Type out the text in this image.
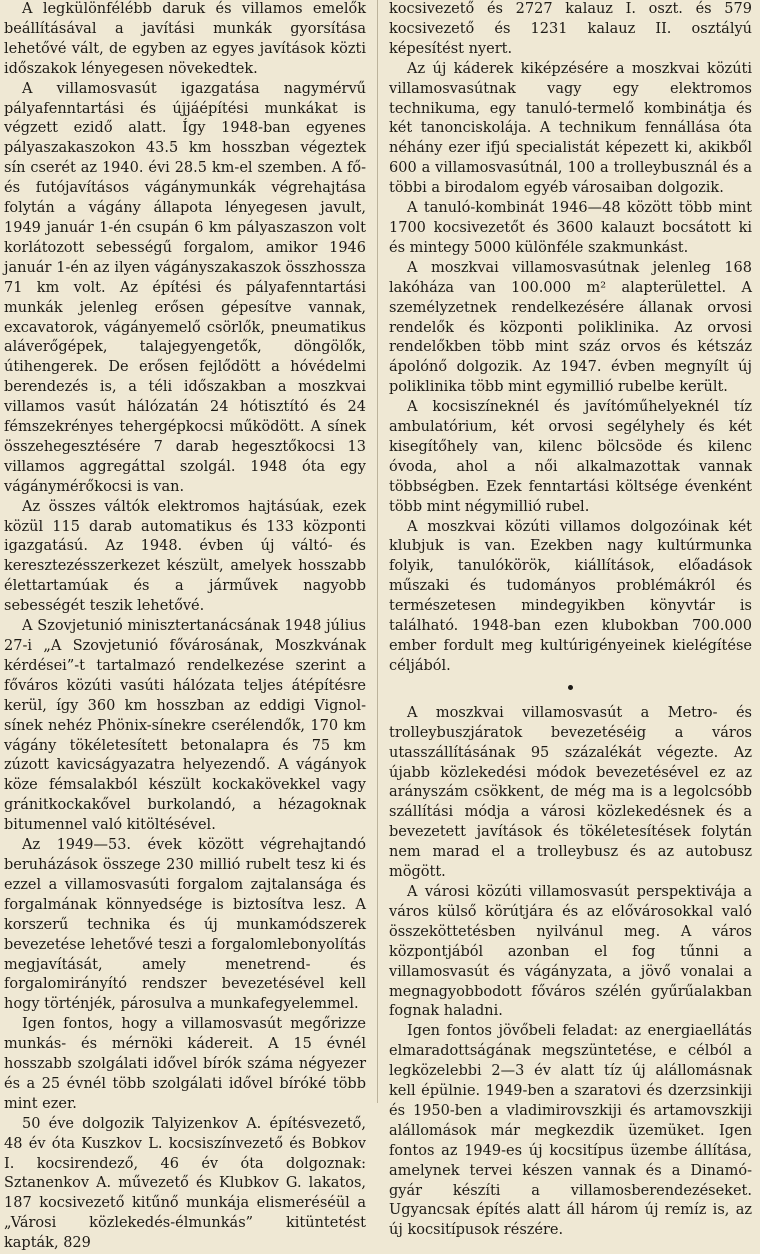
A legkülönfélébb daruk és villamos emelők beállításával a javítási munkák gyorsítása lehetővé vált, de egyben az egyes javítások közti időszakok lényegesen növekedtek.

A villamosvasút igazgatása nagymérvű pályafenntartási és újjáépítési munkákat is végzett ezidő alatt. Így 1948-ban egyenes pályaszakaszokon 43.5 km hosszban végeztek sín cserét az 1940. évi 28.5 km-el szemben. A fő- és futójavításos vágánymunkák végrehajtása folytán a vágány állapota lényegesen javult, 1949 január 1-én csupán 6 km pályaszaszon volt korlátozott sebességű forgalom, amikor 1946 január 1-én az ilyen vágányszakaszok összhossza 71 km volt. Az építési és pályafenntartási munkák jelenleg erősen gépesítve vannak, excavatorok, vágányemelő csörlők, pneumatikus aláverőgépek, talajegyengetők, döngölők, útihengerek. De erősen fejlődött a hóvédelmi berendezés is, a téli időszakban a moszkvai villamos vasút hálózatán 24 hótisztító és 24 fémszekrényes tehergépkocsi működött. A sínek összehegesztésére 7 darab hegesztőkocsi 13 villamos aggregáttal szolgál. 1948 óta egy vágánymérőkocsi is van.

Az összes váltók elektromos hajtásúak, ezek közül 115 darab automatikus és 133 központi igazgatású. Az 1948. évben új váltó- és keresztezésszerkezet készült, amelyek hosszabb élettartamúak és a járművek nagyobb sebességét teszik lehetővé.

A Szovjetunió minisztertanácsának 1948 július 27-i „A Szovjetunió fővárosának, Moszkvának kérdései”-t tartalmazó rendelkezése szerint a főváros közúti vasúti hálózata teljes átépítésre kerül, így 360 km hosszban az eddigi Vignol-sínek nehéz Phönix-sínekre cserélendők, 170 km vágány tökéletesített betonalapra és 75 km zúzott kavicságyazatra helyezendő. A vágányok köze fémsalakból készült kockakövekkel vagy gránitkockakővel burkolandó, a hézagoknak bitumennel való kitöltésével.

Az 1949—53. évek között végrehajtandó beruházások összege 230 millió rubelt tesz ki és ezzel a villamosvasúti forgalom zajtalansága és forgalmának könnyedsége is biztosítva lesz. A korszerű technika és új munkamódszerek bevezetése lehetővé teszi a forgalomlebonyolítás megjavítását, amely menetrend- és forgalomirányító rendszer bevezetésével kell hogy történjék, párosulva a munkafegyelemmel.

Igen fontos, hogy a villamosvasút megőrizze munkás- és mérnöki kádereit. A 15 évnél hosszabb szolgálati idővel bírók száma négyezer és a 25 évnél több szolgálati idővel bíróké több mint ezer.

50 éve dolgozik Talyizenkov A. építésvezető, 48 év óta Kuszkov L. kocsiszínvezető és Bobkov I. kocsirendező, 46 év óta dolgoznak: Sztanenkov A. művezető és Klubkov G. lakatos, 187 kocsivezető kitűnő munkája elismeréséül a „Városi közlekedés-élmunkás” kitüntetést kapták, 829

kocsivezető és 2727 kalauz I. oszt. és 579 kocsivezető és 1231 kalauz II. osztályú képesítést nyert.

Az új káderek kiképzésére a moszkvai közúti villamosvasútnak vagy egy elektromos technikuma, egy tanuló-termelő kombinátja és két tanonciskolája. A technikum fennállása óta néhány ezer ifjú specialistát képezett ki, akikből 600 a villamosvasútnál, 100 a trolleybusznál és a többi a birodalom egyéb városaiban dolgozik.

A tanuló-kombinát 1946—48 között több mint 1700 kocsivezetőt és 3600 kalauzt bocsátott ki és mintegy 5000 különféle szakmunkást.

A moszkvai villamosvasútnak jelenleg 168 lakóháza van 100.000 m² alapterülettel. A személyzetnek rendelkezésére állanak orvosi rendelők és központi poliklinika. Az orvosi rendelőkben több mint száz orvos és kétszáz ápolónő dolgozik. Az 1947. évben megnyílt új poliklinika több mint egymillió rubelbe került.

A kocsiszíneknél és javítóműhelyeknél tíz ambulatórium, két orvosi segélyhely és két kisegítőhely van, kilenc bölcsöde és kilenc óvoda, ahol a női alkalmazottak vannak többségben. Ezek fenntartási költsége évenként több mint négymillió rubel.

A moszkvai közúti villamos dolgozóinak két klubjuk is van. Ezekben nagy kultúrmunka folyik, tanulókörök, kiállítások, előadások műszaki és tudományos problémákról és természetesen mindegyikben könyvtár is található. 1948-ban ezen klubokban 700.000 ember fordult meg kultúrigényeinek kielégítése céljából.

A moszkvai villamosvasút a Metro- és trolleybuszjáratok bevezetéséig a város utasszállításának 95 százalékát végezte. Az újabb közlekedési módok bevezetésével ez az arányszám csökkent, de még ma is a legolcsóbb szállítási módja a városi közlekedésnek és a bevezetett javítások és tökéletesítések folytán nem marad el a trolleybusz és az autobusz mögött.

A városi közúti villamosvasút perspektivája a város külső körútjára és az elővárosokkal való összeköttetésben nyilvánul meg. A város központjából azonban el fog tűnni a villamosvasút és vágányzata, a jövő vonalai a megnagyobbodott főváros szélén gyűrűalakban fognak haladni.

Igen fontos jövőbeli feladat: az energiaellátás elmaradottságának megszüntetése, e célból a legközelebbi 2—3 év alatt tíz új alállomásnak kell épülnie. 1949-ben a szaratovi és dzerzsinkiji és 1950-ben a vladimirovszkiji és artamovszkiji alállomások már megkezdik üzemüket. Igen fontos az 1949-es új kocsitípus üzembe állítása, amelynek tervei készen vannak és a Dinamó-gyár készíti a villamosberendezéseket. Ugyancsak építés alatt áll három új remíz is, az új kocsitípusok részére.
